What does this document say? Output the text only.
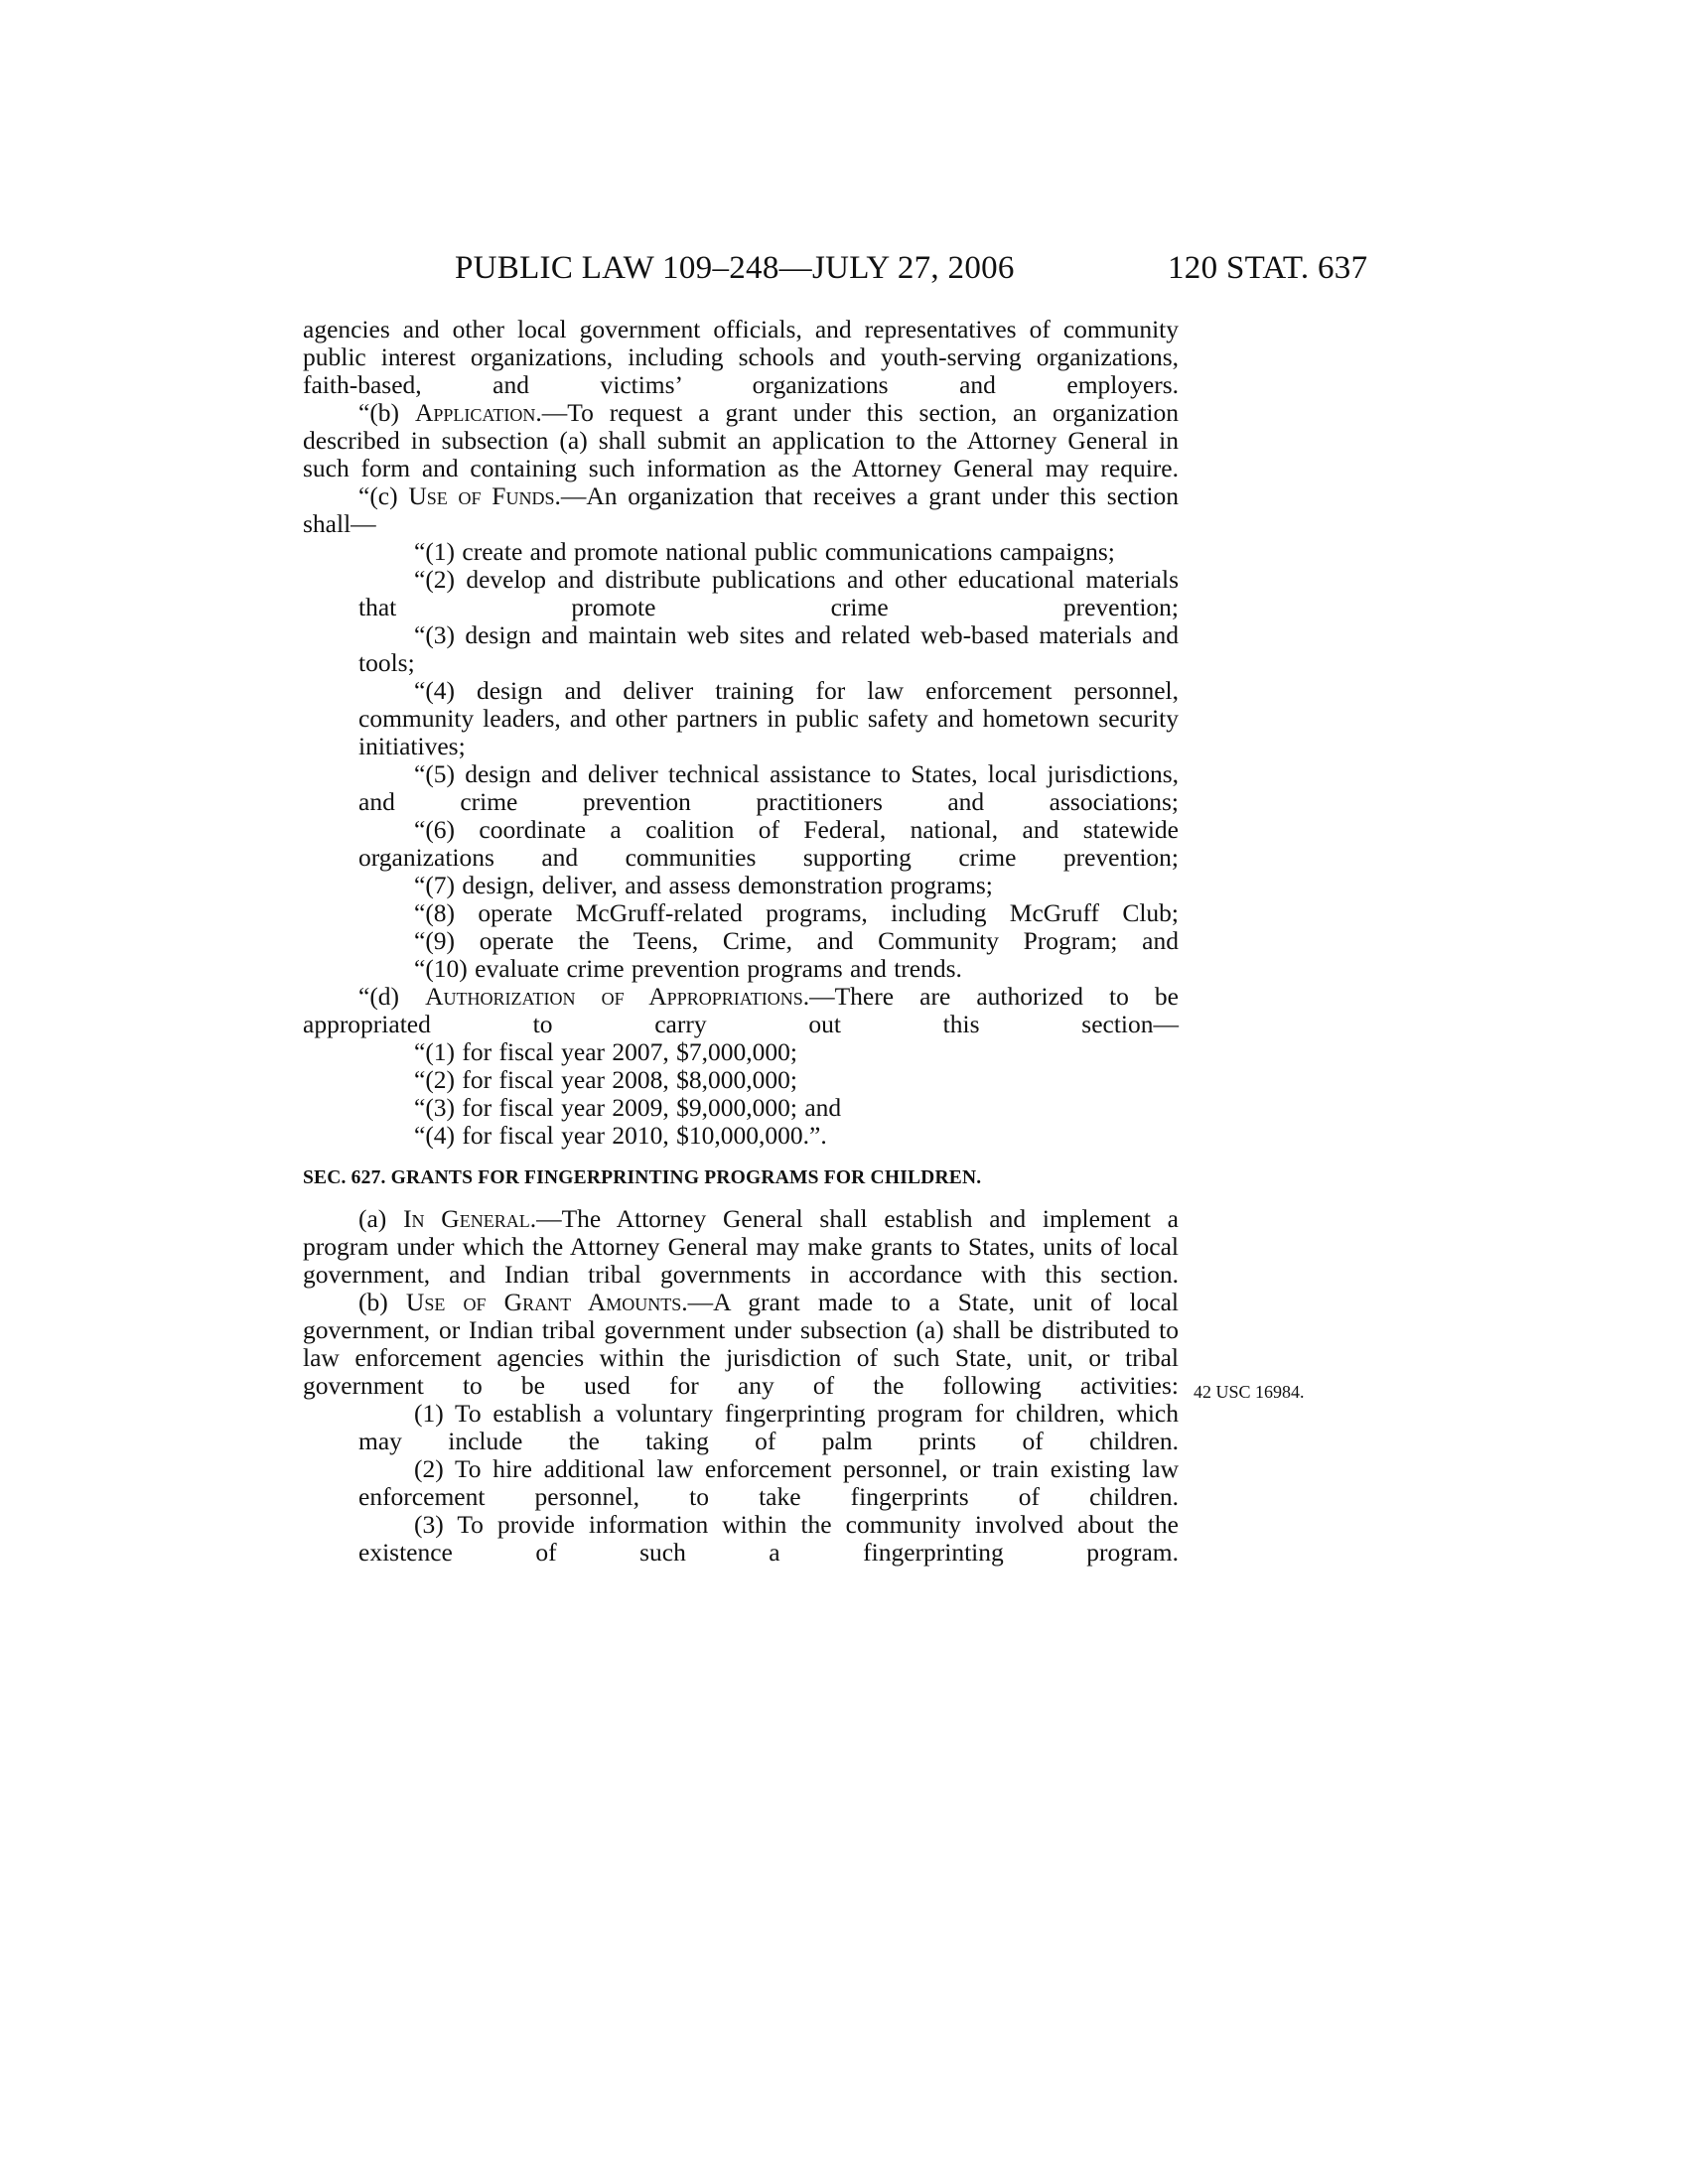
PUBLIC LAW 109–248—JULY 27, 2006	120 STAT. 637
42 USC 16984.

agencies and other local government officials, and representatives of community public interest organizations, including schools and youth-serving organizations, faith-based, and victims’ organizations and employers.

“(b) Application.—To request a grant under this section, an organization described in subsection (a) shall submit an application to the Attorney General in such form and containing such information as the Attorney General may require.

“(c) Use of Funds.—An organization that receives a grant under this section shall—

“(1) create and promote national public communications campaigns;

“(2) develop and distribute publications and other educational materials that promote crime prevention;

“(3) design and maintain web sites and related web-based materials and tools;

“(4) design and deliver training for law enforcement personnel, community leaders, and other partners in public safety and hometown security initiatives;

“(5) design and deliver technical assistance to States, local jurisdictions, and crime prevention practitioners and associations;

“(6) coordinate a coalition of Federal, national, and statewide organizations and communities supporting crime prevention;

“(7) design, deliver, and assess demonstration programs;

“(8) operate McGruff-related programs, including McGruff Club;

“(9) operate the Teens, Crime, and Community Program; and

“(10) evaluate crime prevention programs and trends.

“(d) Authorization of Appropriations.—There are authorized to be appropriated to carry out this section—

“(1) for fiscal year 2007, $7,000,000;

“(2) for fiscal year 2008, $8,000,000;

“(3) for fiscal year 2009, $9,000,000; and

“(4) for fiscal year 2010, $10,000,000.”.

SEC. 627. GRANTS FOR FINGERPRINTING PROGRAMS FOR CHILDREN.

(a) In General.—The Attorney General shall establish and implement a program under which the Attorney General may make grants to States, units of local government, and Indian tribal governments in accordance with this section.

(b) Use of Grant Amounts.—A grant made to a State, unit of local government, or Indian tribal government under subsection (a) shall be distributed to law enforcement agencies within the jurisdiction of such State, unit, or tribal government to be used for any of the following activities:

(1) To establish a voluntary fingerprinting program for children, which may include the taking of palm prints of children.

(2) To hire additional law enforcement personnel, or train existing law enforcement personnel, to take fingerprints of children.

(3) To provide information within the community involved about the existence of such a fingerprinting program.
